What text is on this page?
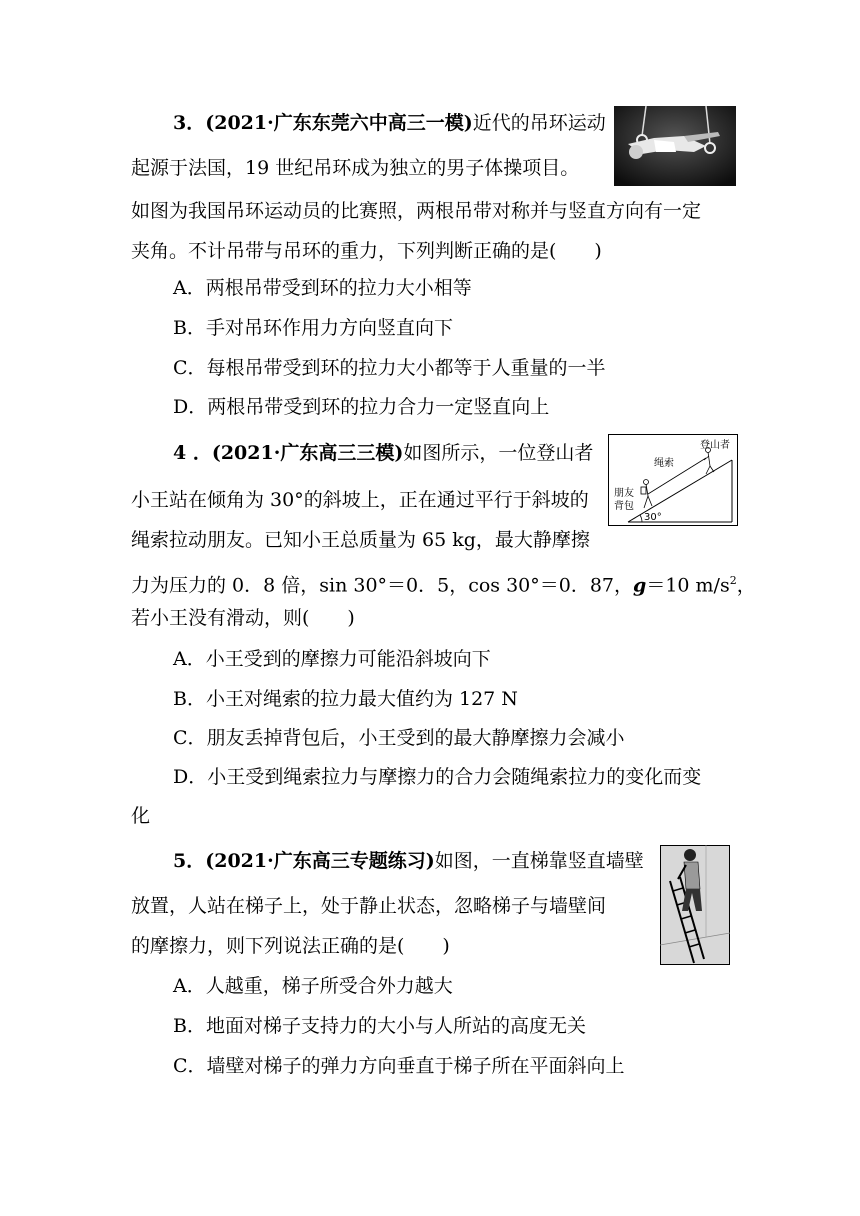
3．(2021·广东东莞六中高三一模)近代的吊环运动
起源于法国，19 世纪吊环成为独立的男子体操项目。
如图为我国吊环运动员的比赛照，两根吊带对称并与竖直方向有一定
夹角。不计吊带与吊环的重力，下列判断正确的是(　　)
A．两根吊带受到环的拉力大小相等
B．手对吊环作用力方向竖直向下
C．每根吊带受到环的拉力大小都等于人重量的一半
D．两根吊带受到环的拉力合力一定竖直向上
4 ．(2021·广东高三三模)如图所示，一位登山者
小王站在倾角为 30°的斜坡上，正在通过平行于斜坡的
绳索拉动朋友。已知小王总质量为 65 kg，最大静摩擦
力为压力的 0．8 倍，sin 30°＝0．5，cos 30°＝0．87，g＝10 $m/s^2$，
若小王没有滑动，则(　　)
A．小王受到的摩擦力可能沿斜坡向下
B．小王对绳索的拉力最大值约为 127 N
C．朋友丢掉背包后，小王受到的最大静摩擦力会减小
D．小王受到绳索拉力与摩擦力的合力会随绳索拉力的变化而变
化
登山者
绳索
朋友
背包
30°
5．(2021·广东高三专题练习)如图，一直梯靠竖直墙壁
放置，人站在梯子上，处于静止状态，忽略梯子与墙壁间
的摩擦力，则下列说法正确的是(　　)
A．人越重，梯子所受合外力越大
B．地面对梯子支持力的大小与人所站的高度无关
C．墙壁对梯子的弹力方向垂直于梯子所在平面斜向上
